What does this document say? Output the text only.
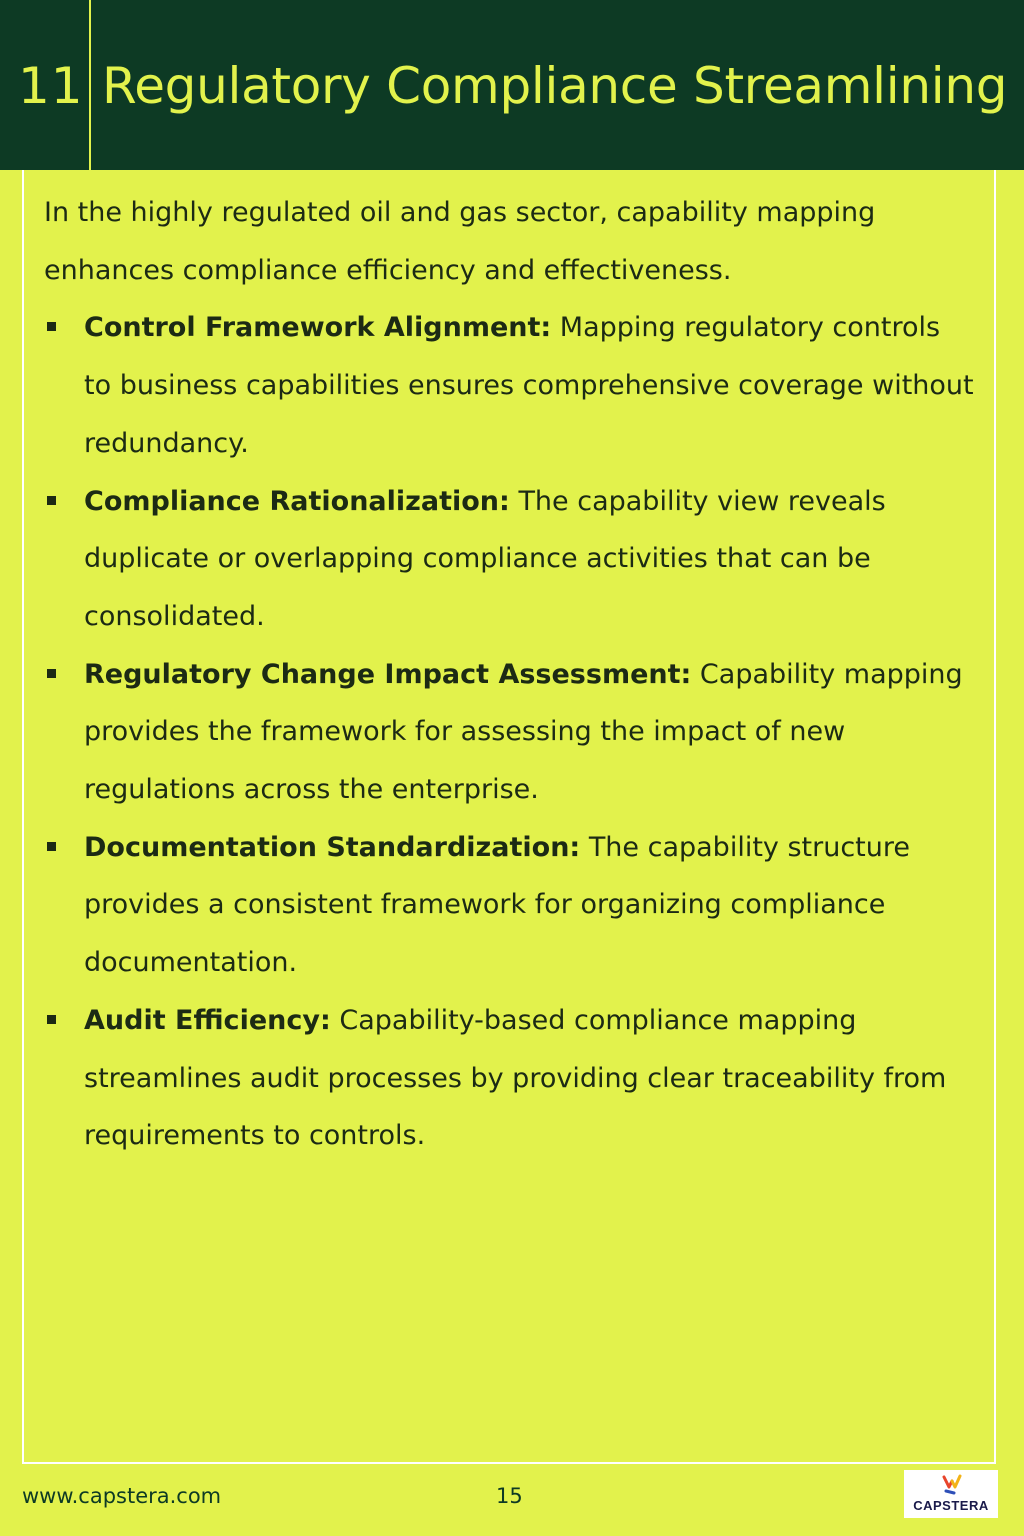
11 Regulatory Compliance Streamlining

In the highly regulated oil and gas sector, capability mapping enhances compliance efficiency and effectiveness.

Control Framework Alignment: Mapping regulatory controls to business capabilities ensures comprehensive coverage without redundancy.
Compliance Rationalization: The capability view reveals duplicate or overlapping compliance activities that can be consolidated.
Regulatory Change Impact Assessment: Capability mapping provides the framework for assessing the impact of new regulations across the enterprise.
Documentation Standardization: The capability structure provides a consistent framework for organizing compliance documentation.
Audit Efficiency: Capability-based compliance mapping streamlines audit processes by providing clear traceability from requirements to controls.
www.capstera.com	15	CAPSTERA
